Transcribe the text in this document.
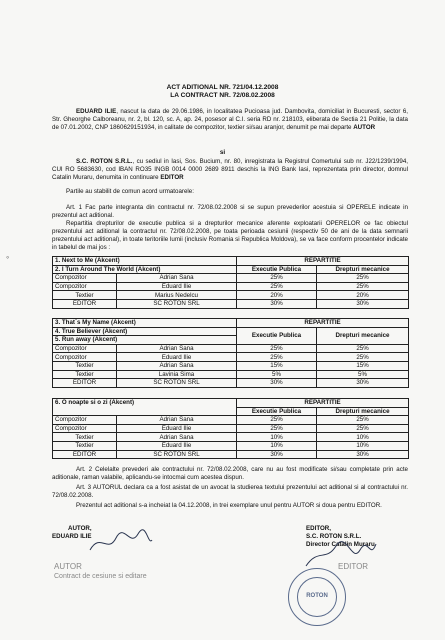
◦
ACT ADITIONAL NR. 721/04.12.2008
LA CONTRACT NR. 72/08.02.2008
EDUARD ILIE, nascut la data de 29.06.1986, in localitatea Pucioasa jud. Dambovita, domiciliat in Bucuresti, sector 6, Str. Gheorghe Calboreanu, nr. 2, bl. 120, sc. A, ap. 24, posesor al C.I. seria RD nr. 218103, eliberata de Sectia 21 Politie, la data de 07.01.2002, CNP 1860629151934, in calitate de compozitor, textier si/sau aranjor, denumit pe mai departe AUTOR
si
S.C. ROTON S.R.L., cu sediul in Iasi, Sos. Bucium, nr. 80, inregistrata la Registrul Comertului sub nr. J22/1239/1994, CUI RO 5683630, cod IBAN RO35 INGB 0014 0000 2689 8911 deschis la ING Bank Iasi, reprezentata prin director, domnul Catalin Muraru, denumita in continuare EDITOR
Partile au stabilit de comun acord urmatoarele:
Art. 1 Fac parte integranta din contractul nr. 72/08.02.2008 si se supun prevederilor acestuia si OPERELE indicate in prezentul act aditional.
Repartitia drepturilor de executie publica si a drepturilor mecanice aferente exploatarii OPERELOR ce fac obiectul prezentului act aditional la contractul nr. 72/08.02.2008, pe toata perioada cesiunii (respectiv 50 de ani de la data semnarii prezentului act aditional), in toate teritoriile lumii (inclusiv Romania si Republica Moldova), se va face conform procentelor indicate in tabelul de mai jos :
1. Next to Me (Akcent)		REPARTITIE	
2. I Turn Around The World (Akcent)		Executie Publica	Drepturi mecanice
Compozitor	Adrian Sana	25%	25%
Compozitor	Eduard Ilie	25%	25%
Textier	Marius Nedelcu	20%	20%
EDITOR	SC ROTON SRL	30%	30%
3. That`s My Name (Akcent)		REPARTITIE	
4. True Believer (Akcent)		Executie Publica	Drepturi mecanice
5. Run away (Akcent)			
Compozitor	Adrian Sana	25%	25%
Compozitor	Eduard Ilie	25%	25%
Textier	Adrian Sana	15%	15%
Textier	Lavinia Sima	5%	5%
EDITOR	SC ROTON SRL	30%	30%
6. O noapte si o zi (Akcent)		REPARTITIE	
		Executie Publica	Drepturi mecanice
Compozitor	Adrian Sana	25%	25%
Compozitor	Eduard Ilie	25%	25%
Textier	Adrian Sana	10%	10%
Textier	Eduard Ilie	10%	10%
EDITOR	SC ROTON SRL	30%	30%
Art. 2 Celelalte prevederi ale contractului nr. 72/08.02.2008, care nu au fost modificate si/sau completate prin acte aditionale, raman valabile, aplicandu-se intocmai cum acestea dispun.
Art. 3 AUTORUL declara ca a fost asistat de un avocat la studierea textului prezentului act aditional si al contractului nr. 72/08.02.2008.
Prezentul act aditional s-a incheiat la 04.12.2008, in trei exemplare unul pentru AUTOR si doua pentru EDITOR.
AUTOR,
EDUARD ILIE
AUTOR
Contract de cesiune si editare
EDITOR,
S.C. ROTON S.R.L.
Director Catalin Muraru
EDITOR
ROTON
